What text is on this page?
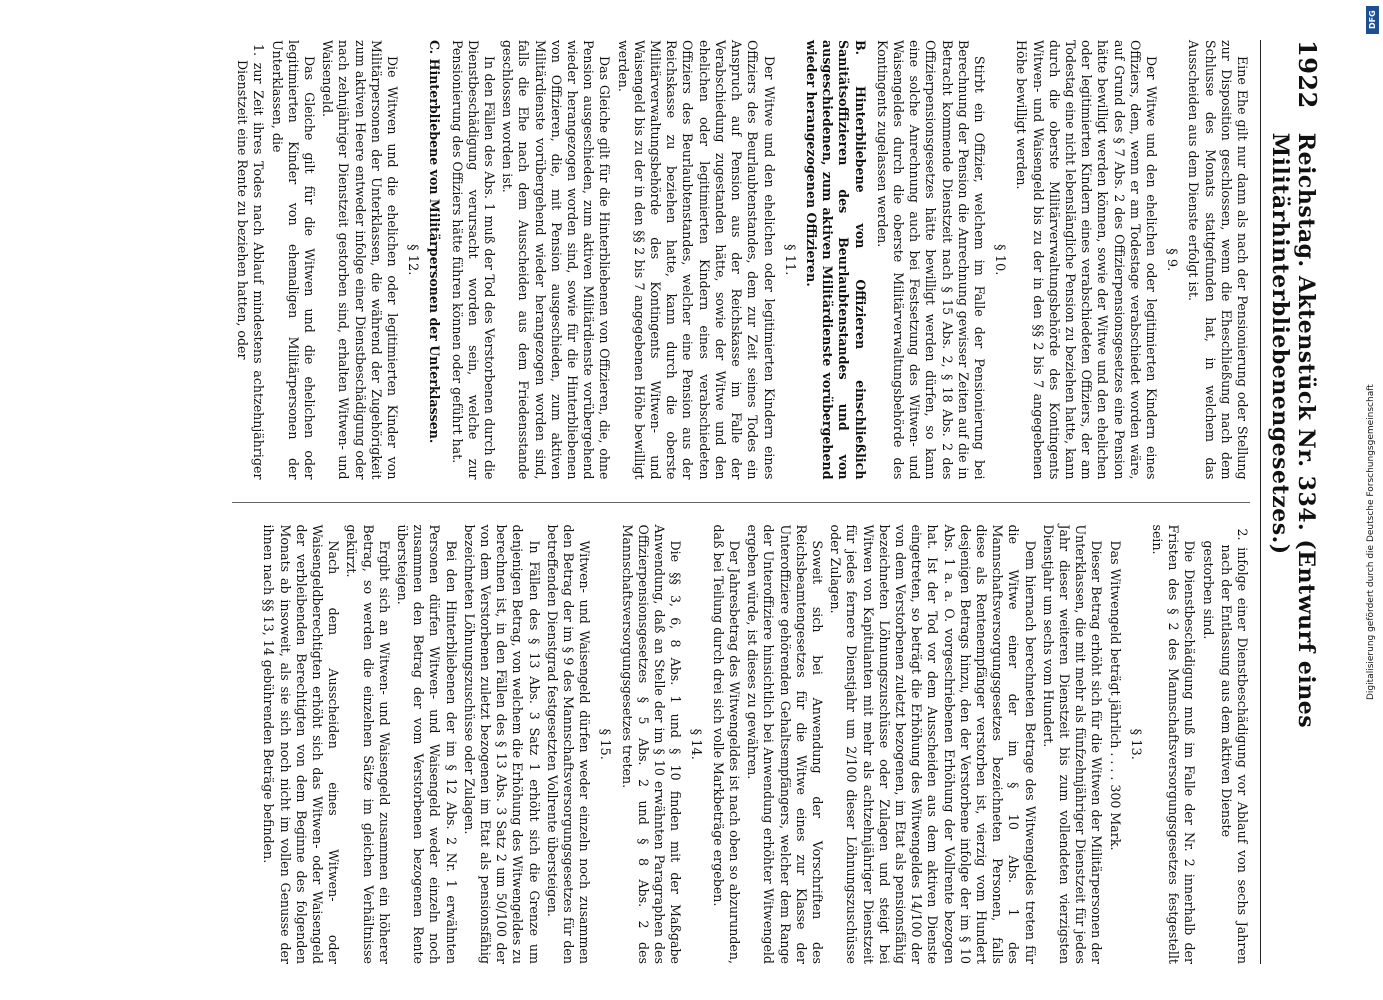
1922
Reichstag. Aktenstück Nr. 334. (Entwurf eines Militärhinterbliebenengesetzes.)

Eine Ehe gilt nur dann als nach der Pensionierung oder Stellung zur Disposition geschlossen, wenn die Eheschließung nach dem Schlusse des Monats stattgefunden hat, in welchem das Ausscheiden aus dem Dienste erfolgt ist.

§ 9.

Der Witwe und den ehelichen oder legitimierten Kindern eines Offiziers, dem, wenn er am Todestage verabschiedet worden wäre, auf Grund des § 7 Abs. 2 des Offizierpensionsgesetzes eine Pension hätte bewilligt werden können, sowie der Witwe und den ehelichen oder legitimierten Kindern eines verabschiedeten Offiziers, der am Todestag eine nicht lebenslängliche Pension zu beziehen hatte, kann durch die oberste Militärverwaltungsbehörde des Kontingents Witwen- und Waisengeld bis zu der in den §§ 2 bis 7 angegebenen Höhe bewilligt werden.

§ 10.

Stirbt ein Offizier, welchem im Falle der Pensionierung bei Berechnung der Pension die Anrechnung gewisser Zeiten auf die in Betracht kommende Dienstzeit nach § 15 Abs. 2, § 18 Abs. 2 des Offizierpensionsgesetzes hätte bewilligt werden dürfen, so kann eine solche Anrechnung auch bei Festsetzung des Witwen- und Waisengeldes durch die oberste Militärverwaltungsbehörde des Kontingents zugelassen werden.

B. Hinterbliebene von Offizieren einschließlich Sanitätsoffizieren des Beurlaubtenstandes und von ausgeschiedenen, zum aktiven Militärdienste vorübergehend wieder herangezogenen Offizieren.

§ 11.

Der Witwe und den ehelichen oder legitimierten Kindern eines Offiziers des Beurlaubtenstandes, dem zur Zeit seines Todes ein Anspruch auf Pension aus der Reichskasse im Falle der Verabschiedung zugestanden hätte, sowie der Witwe und den ehelichen oder legitimierten Kindern eines verabschiedeten Offiziers des Beurlaubtenstandes, welcher eine Pension aus der Reichskasse zu beziehen hatte, kann durch die oberste Militärverwaltungsbehörde des Kontingents Witwen- und Waisengeld bis zu der in den §§ 2 bis 7 angegebenen Höhe bewilligt werden.

Das Gleiche gilt für die Hinterbliebenen von Offizieren, die, ohne Pension ausgeschieden, zum aktiven Militärdienste vorübergehend wieder herangezogen worden sind, sowie für die Hinterbliebenen von Offizieren, die, mit Pension ausgeschieden, zum aktiven Militärdienste vorübergehend wieder herangezogen worden sind, falls die Ehe nach dem Ausscheiden aus dem Friedensstande geschlossen worden ist.

In den Fällen des Abs. 1 muß der Tod des Verstorbenen durch die Dienstbeschädigung verursacht worden sein, welche zur Pensionierung des Offiziers hätte führen können oder geführt hat.

C. Hinterbliebene von Militärpersonen der Unterklassen.

§ 12.

Die Witwen und die ehelichen oder legitimierten Kinder von Militärpersonen der Unterklassen, die während der Zugehörigkeit zum aktiven Heere entweder infolge einer Dienstbeschädigung oder nach zehnjähriger Dienstzeit gestorben sind, erhalten Witwen- und Waisengeld.

Das Gleiche gilt für die Witwen und die ehelichen oder legitimierten Kinder von ehemaligen Militärpersonen der Unterklassen, die

1. zur Zeit ihres Todes nach Ablauf mindestens achtzehnjähriger Dienstzeit eine Rente zu beziehen hatten, oder

2. infolge einer Dienstbeschädigung vor Ablauf von sechs Jahren nach der Entlassung aus dem aktiven Dienste

gestorben sind.

Die Dienstbeschädigung muß im Falle der Nr. 2 innerhalb der Fristen des § 2 des Mannschaftsversorgungsgesetzes festgestellt sein.

§ 13.

Das Witwengeld beträgt jährlich . . . . 300 Mark.

Dieser Betrag erhöht sich für die Witwen der Militärpersonen der Unterklassen, die mit mehr als fünfzehnjähriger Dienstzeit für jedes Jahr dieser weiteren Dienstzeit bis zum vollendeten vierzigsten Dienstjahr um sechs vom Hundert.

Dem hiernach berechneten Betrage des Witwengeldes treten für die Witwe einer der im § 10 Abs. 1 des Mannschaftsversorgungsgesetzes bezeichneten Personen, falls diese als Rentenempfänger verstorben ist, vierzig vom Hundert desjenigen Betrags hinzu, den der Verstorbene infolge der im § 10 Abs. 1 a. a. O. vorgeschriebenen Erhöhung der Vollrente bezogen hat. Ist der Tod vor dem Ausscheiden aus dem aktiven Dienste eingetreten, so beträgt die Erhöhung des Witwengeldes 14/100 der von dem Verstorbenen zuletzt bezogenen, im Etat als pensionsfähig bezeichneten Löhnungszuschüsse oder Zulagen und steigt bei Witwen von Kapitulanten mit mehr als achtzehnjähriger Dienstzeit für jedes fernere Dienstjahr um 2/100 dieser Löhnungszuschüsse oder Zulagen.

Soweit sich bei Anwendung der Vorschriften des Reichsbeamtengesetzes für die Witwe eines zur Klasse der Unteroffiziere gehörenden Gehaltsempfängers, welcher dem Range der Unteroffiziere hinsichtlich bei Anwendung erhöhter Witwengeld ergeben würde, ist dieses zu gewähren.

Der Jahresbetrag des Witwengeldes ist nach oben so abzurunden, daß bei Teilung durch drei sich volle Markbeträge ergeben.

§ 14.

Die §§ 3, 6, 8 Abs. 1 und § 10 finden mit der Maßgabe Anwendung, daß an Stelle der im § 10 erwähnten Paragraphen des Offizierpensionsgesetzes § 5 Abs. 2 und § 8 Abs. 2 des Mannschaftsversorgungsgesetzes treten.

§ 15.

Witwen- und Waisengeld dürfen weder einzeln noch zusammen den Betrag der im § 9 des Mannschaftsversorgungsgesetzes für den betreffenden Dienstgrad festgesetzten Vollrente übersteigen.

In Fällen des § 13 Abs. 3 Satz 1 erhöht sich die Grenze um denjenigen Betrag, von welchem die Erhöhung des Witwengeldes zu berechnen ist, in den Fällen des § 13 Abs. 3 Satz 2 um 50/100 der von dem Verstorbenen zuletzt bezogenen im Etat als pensionsfähig bezeichneten Löhnungszuschüsse oder Zulagen.

Bei den Hinterbliebenen der im § 12 Abs. 2 Nr. 1 erwähnten Personen dürfen Witwen- und Waisengeld weder einzeln noch zusammen den Betrag der vom Verstorbenen bezogenen Rente übersteigen.

Ergibt sich an Witwen- und Waisengeld zusammen ein höherer Betrag, so werden die einzelnen Sätze im gleichen Verhältnisse gekürzt.

Nach dem Ausscheiden eines Witwen- oder Waisengeldberechtigten erhöht sich das Witwen- oder Waisengeld der verbleibenden Berechtigten von dem Beginne des folgenden Monats ab insoweit, als sie sich noch nicht im vollen Genusse der ihnen nach §§ 13, 14 gebührenden Beträge befinden.

DFG
Digitalisierung gefördert durch die Deutsche Forschungsgemeinschaft
